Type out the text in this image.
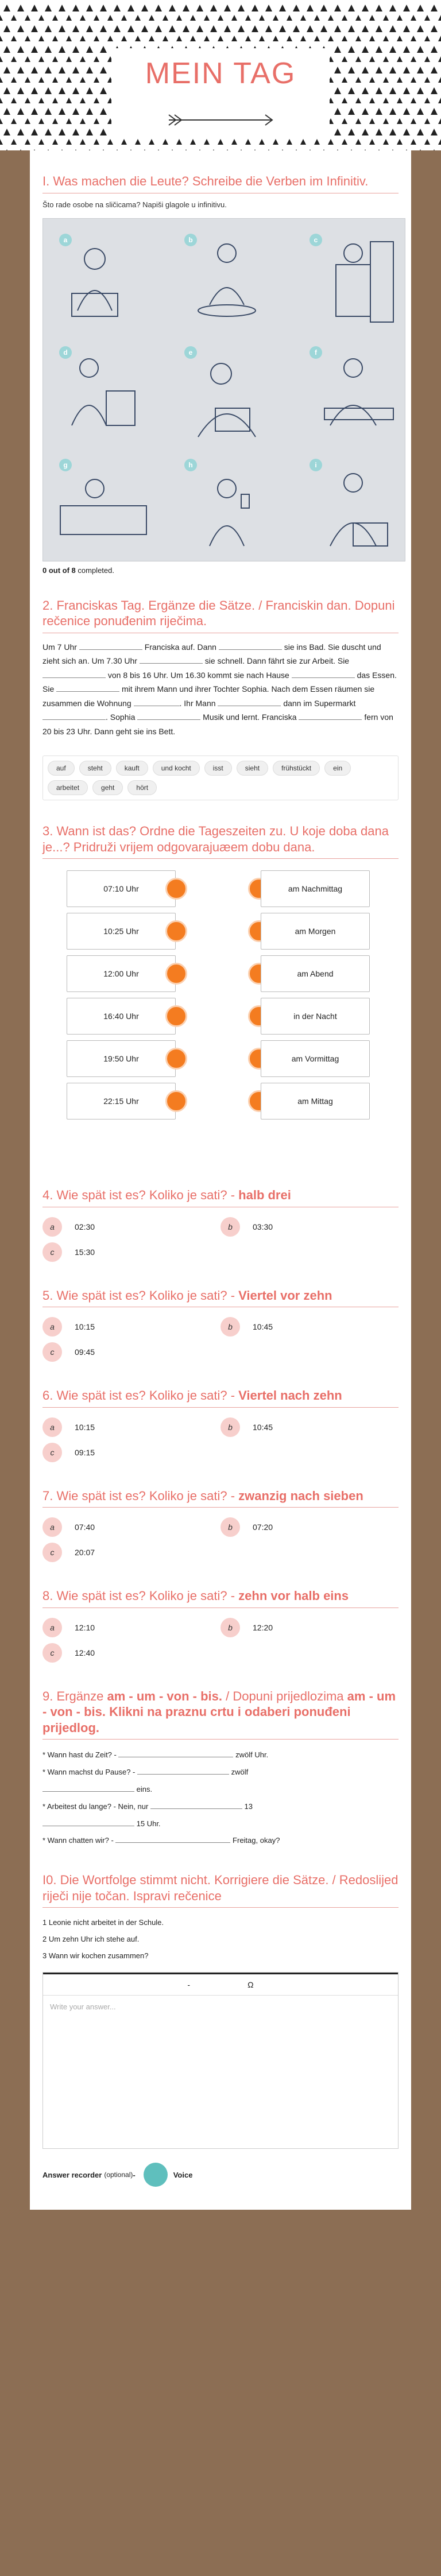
MEIN TAG
I. Was machen die Leute? Schreibe die Verben im Infinitiv.
Što rade osobe na sličicama? Napiši glagole u infinitivu.
a	b	c
d	e	f
g	h	i
0 out of 8 completed.
2. Franciskas Tag. Ergänze die Sätze. / Franciskin dan. Dopuni rečenice ponuđenim riječima.
Um 7 Uhr	Franciska auf. Dann	sie ins Bad. Sie duscht und zieht sich an. Um 7.30 Uhr	sie schnell. Dann fährt sie zur Arbeit. Sie  von 8 bis 16 Uhr. Um 16.30 kommt sie nach Hause	das Essen. Sie	mit ihrem Mann und ihrer Tochter Sophia. Nach dem Essen räumen sie zusammen die Wohnung	. Ihr Mann	dann im Supermarkt . Sophia	Musik und lernt. Franciska	fern von 20 bis 23 Uhr. Dann geht sie ins Bett.
auf	steht	kauft	und kocht	isst	sieht	frühstückt	ein
arbeitet	geht	hört
3. Wann ist das? Ordne die Tageszeiten zu. U koje doba dana je...? Pridruži vrijem odgovarajuæem dobu dana.
07:10 Uhr
10:25 Uhr
12:00 Uhr
16:40 Uhr
19:50 Uhr
22:15 Uhr
am Nachmittag
am Morgen
am Abend
in der Nacht
am Vormittag
am Mittag
4. Wie spät ist es? Koliko je sati? - halb drei
a	02:30	b	03:30
c	15:30
5. Wie spät ist es? Koliko je sati? - Viertel vor zehn
a	10:15	b	10:45
c	09:45
6. Wie spät ist es? Koliko je sati? - Viertel nach zehn
a	10:15	b	10:45
c	09:15
7. Wie spät ist es? Koliko je sati? - zwanzig nach sieben
a	07:40	b	07:20
c	20:07
8. Wie spät ist es? Koliko je sati? - zehn vor halb eins
a	12:10	b	12:20
c	12:40
9. Ergänze am - um - von - bis. / Dopuni prijedlozima am - um - von - bis. Klikni na praznu crtu i odaberi ponuđeni prijedlog.
* Wann hast du Zeit? -	zwölf Uhr.
* Wann machst du Pause? -	zwölf
eins.
* Arbeitest du lange? - Nein, nur	13
15 Uhr.
* Wann chatten wir? -	Freitag, okay?
I0. Die Wortfolge stimmt nicht. Korrigiere die Sätze. / Redoslijed riječi nije točan. Ispravi rečenice
1 Leonie nicht arbeitet in der Schule.
2 Um zehn Uhr ich stehe auf.
3 Wann wir kochen zusammen?
-	Ω
Write your answer...
Answer recorder (optional) -	Voice
